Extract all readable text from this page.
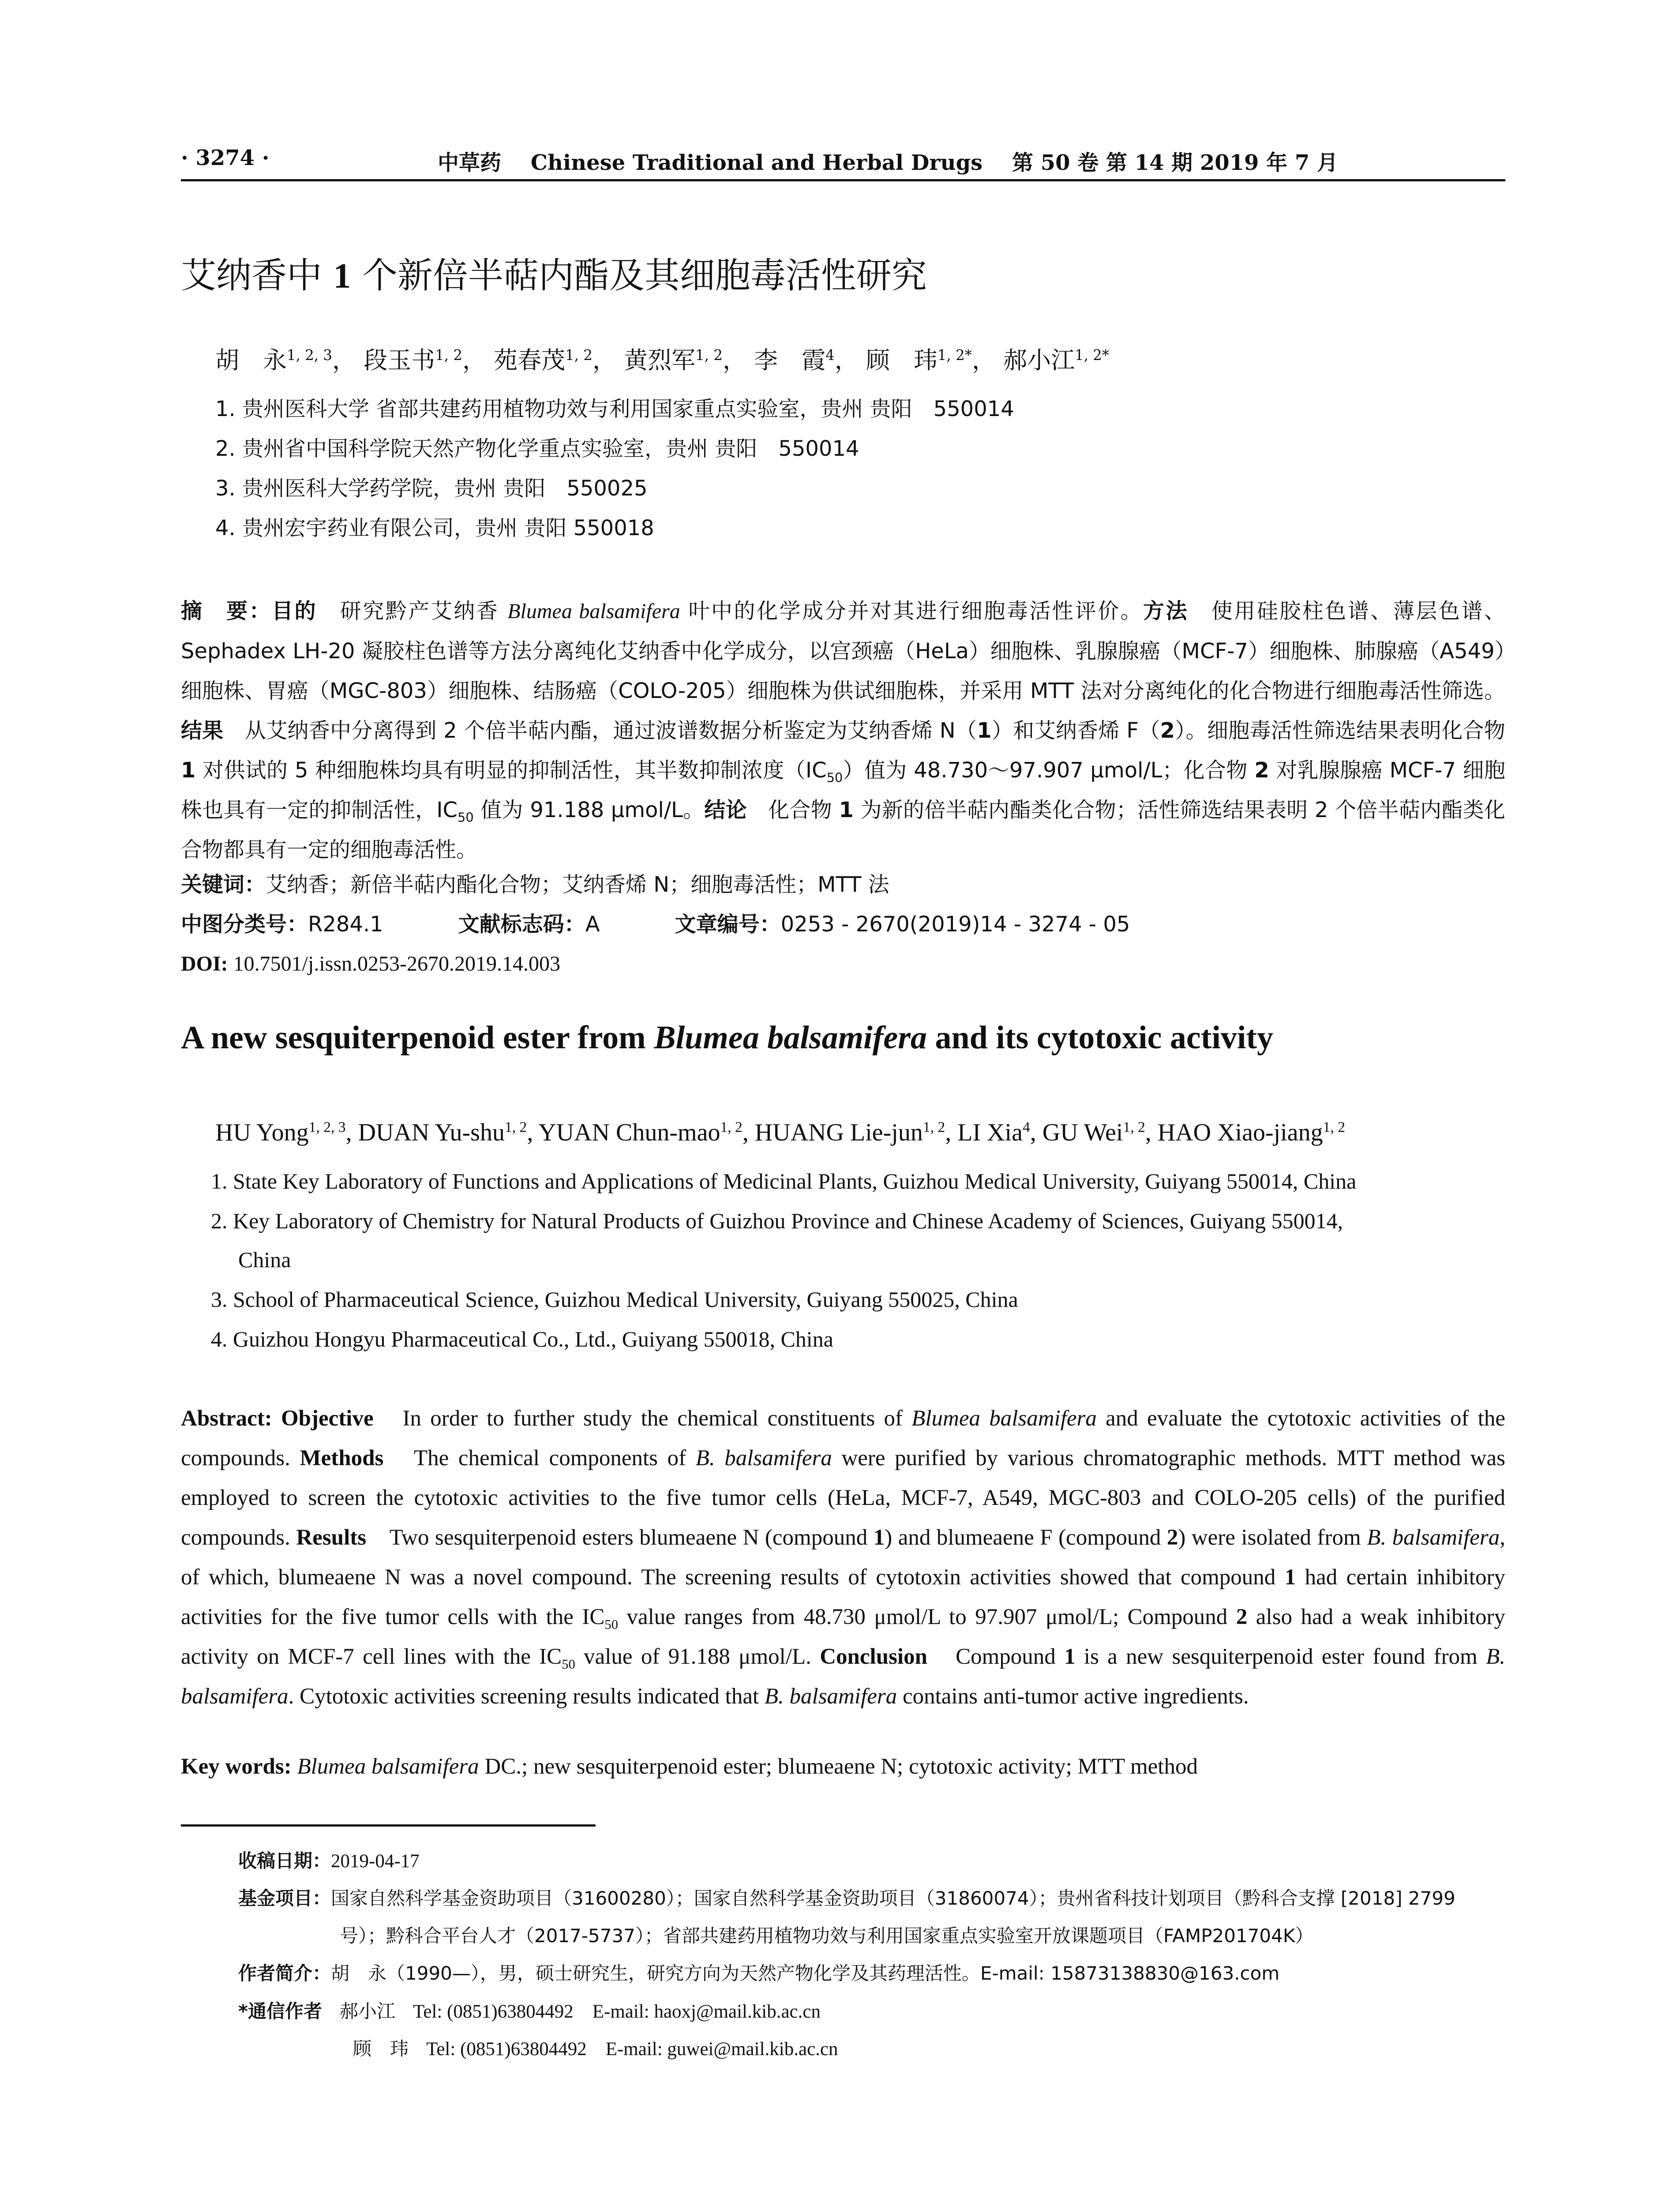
· 3274 ·	中草药 Chinese Traditional and Herbal Drugs 第 50 卷 第 14 期 2019 年 7 月
艾纳香中 1 个新倍半萜内酯及其细胞毒活性研究
胡　永$^{1, 2, 3}$， 段玉书$^{1, 2}$， 苑春茂$^{1, 2}$， 黄烈军$^{1, 2}$， 李　霞$^4$， 顾　玮$^{1, 2*}$， 郝小江$^{1, 2*}$
1. 贵州医科大学 省部共建药用植物功效与利用国家重点实验室，贵州 贵阳　550014
2. 贵州省中国科学院天然产物化学重点实验室，贵州 贵阳　550014
3. 贵州医科大学药学院，贵州 贵阳　550025
4. 贵州宏宇药业有限公司，贵州 贵阳 550018
摘　要：目的　研究黔产艾纳香 Blumea balsamifera 叶中的化学成分并对其进行细胞毒活性评价。方法　使用硅胶柱色谱、薄层色谱、Sephadex LH-20 凝胶柱色谱等方法分离纯化艾纳香中化学成分，以宫颈癌（HeLa）细胞株、乳腺腺癌（MCF-7）细胞株、肺腺癌（A549）细胞株、胃癌（MGC-803）细胞株、结肠癌（COLO-205）细胞株为供试细胞株，并采用 MTT 法对分离纯化的化合物进行细胞毒活性筛选。结果　从艾纳香中分离得到 2 个倍半萜内酯，通过波谱数据分析鉴定为艾纳香烯 N（1）和艾纳香烯 F（2）。细胞毒活性筛选结果表明化合物 1 对供试的 5 种细胞株均具有明显的抑制活性，其半数抑制浓度$(IC_{50})$值为 48.730～97.907 μmol/L；化合物 2 对乳腺腺癌 MCF-7 细胞株也具有一定的抑制活性，$IC_{50}$ 值为 91.188 μmol/L。结论　化合物 1 为新的倍半萜内酯类化合物；活性筛选结果表明 2 个倍半萜内酯类化合物都具有一定的细胞毒活性。
关键词：艾纳香；新倍半萜内酯化合物；艾纳香烯 N；细胞毒活性；MTT 法
中图分类号：R284.1	文献标志码：A	文章编号：0253 - 2670(2019)14 - 3274 - 05
DOI: 10.7501/j.issn.0253-2670.2019.14.003
A new sesquiterpenoid ester from Blumea balsamifera and its cytotoxic activity
HU Yong$^{1, 2, 3}$, DUAN Yu-shu$^{1, 2}$, YUAN Chun-mao$^{1, 2}$, HUANG Lie-jun$^{1, 2}$, LI Xia$^4$, GU Wei$^{1, 2}$, HAO Xiao-jiang$^{1, 2}$
1. State Key Laboratory of Functions and Applications of Medicinal Plants, Guizhou Medical University, Guiyang 550014, China
2. Key Laboratory of Chemistry for Natural Products of Guizhou Province and Chinese Academy of Sciences, Guiyang 550014,
China
3. School of Pharmaceutical Science, Guizhou Medical University, Guiyang 550025, China
4. Guizhou Hongyu Pharmaceutical Co., Ltd., Guiyang 550018, China
Abstract: Objective　In order to further study the chemical constituents of Blumea balsamifera and evaluate the cytotoxic activities of the compounds. Methods　The chemical components of B. balsamifera were purified by various chromatographic methods. MTT method was employed to screen the cytotoxic activities to the five tumor cells (HeLa, MCF-7, A549, MGC-803 and COLO-205 cells) of the purified compounds. Results　Two sesquiterpenoid esters blumeaene N (compound 1) and blumeaene F (compound 2) were isolated from B. balsamifera, of which, blumeaene N was a novel compound. The screening results of cytotoxin activities showed that compound 1 had certain inhibitory activities for the five tumor cells with the $IC_{50}$ value ranges from 48.730 μmol/L to 97.907 μmol/L; Compound 2 also had a weak inhibitory activity on MCF-7 cell lines with the $IC_{50}$ value of 91.188 μmol/L. Conclusion　Compound 1 is a new sesquiterpenoid ester found from B. balsamifera. Cytotoxic activities screening results indicated that B. balsamifera contains anti-tumor active ingredients.
Key words: Blumea balsamifera DC.; new sesquiterpenoid ester; blumeaene N; cytotoxic activity; MTT method
收稿日期：2019-04-17
基金项目：国家自然科学基金资助项目（31600280）；国家自然科学基金资助项目（31860074）；贵州省科技计划项目（黔科合支撑 [2018] 2799
号）；黔科合平台人才（2017-5737）；省部共建药用植物功效与利用国家重点实验室开放课题项目（FAMP201704K）
作者简介：胡　永（1990—），男，硕士研究生，研究方向为天然产物化学及其药理活性。E-mail: 15873138830@163.com
*通信作者 郝小江 Tel: (0851)63804492　E-mail: haoxj@mail.kib.ac.cn
顾　玮 Tel: (0851)63804492　E-mail: guwei@mail.kib.ac.cn
